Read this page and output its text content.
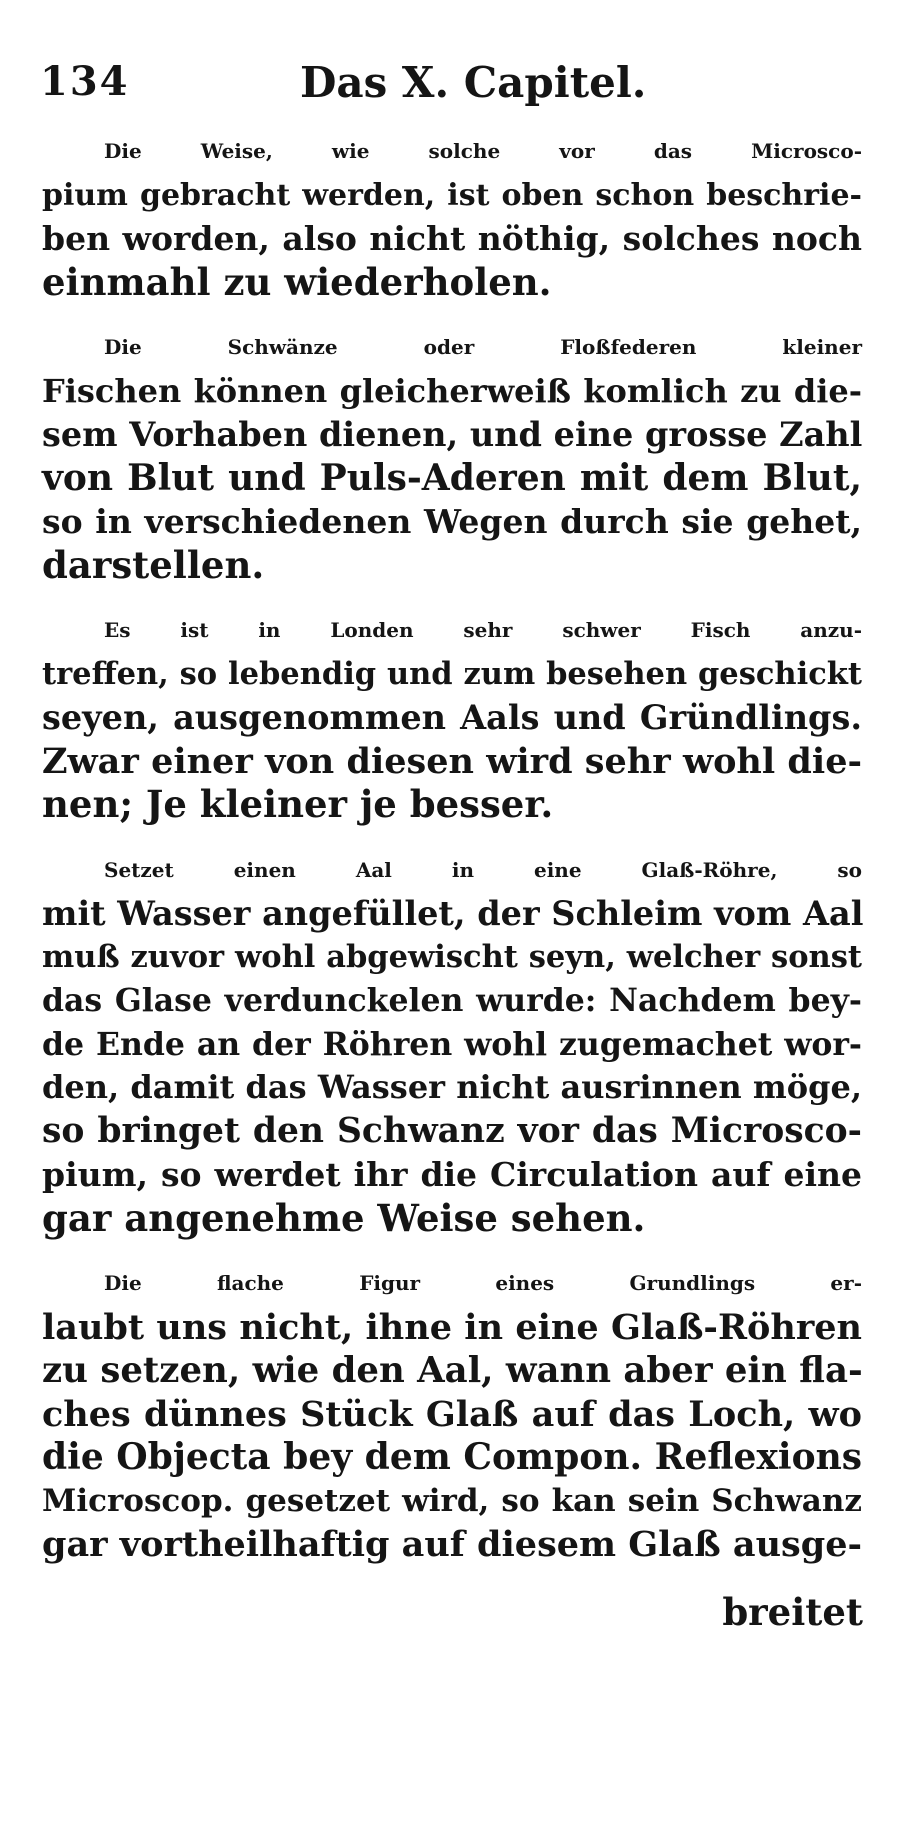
134	Das X. Capitel.

Die Weise, wie solche vor das Microsco-
pium gebracht werden, ist oben schon beschrie-
ben worden, also nicht nöthig, solches noch
einmahl zu wiederholen.

Die Schwänze oder Floßfederen kleiner
Fischen können gleicherweiß komlich zu die-
sem Vorhaben dienen, und eine grosse Zahl
von Blut und Puls-Aderen mit dem Blut,
so in verschiedenen Wegen durch sie gehet,
darstellen.

Es ist in Londen sehr schwer Fisch anzu-
treffen, so lebendig und zum besehen geschickt
seyen, ausgenommen Aals und Gründlings.
Zwar einer von diesen wird sehr wohl die-
nen; Je kleiner je besser.

Setzet einen Aal in eine Glaß-Röhre, so
mit Wasser angefüllet, der Schleim vom Aal
muß zuvor wohl abgewischt seyn, welcher sonst
das Glase verdunckelen wurde: Nachdem bey-
de Ende an der Röhren wohl zugemachet wor-
den, damit das Wasser nicht ausrinnen möge,
so bringet den Schwanz vor das Microsco-
pium, so werdet ihr die Circulation auf eine
gar angenehme Weise sehen.

Die flache Figur eines Grundlings er-
laubt uns nicht, ihne in eine Glaß-Röhren
zu setzen, wie den Aal, wann aber ein fla-
ches dünnes Stück Glaß auf das Loch, wo
die Objecta bey dem Compon. Reflexions
Microscop. gesetzet wird, so kan sein Schwanz
gar vortheilhaftig auf diesem Glaß ausge-

breitet
